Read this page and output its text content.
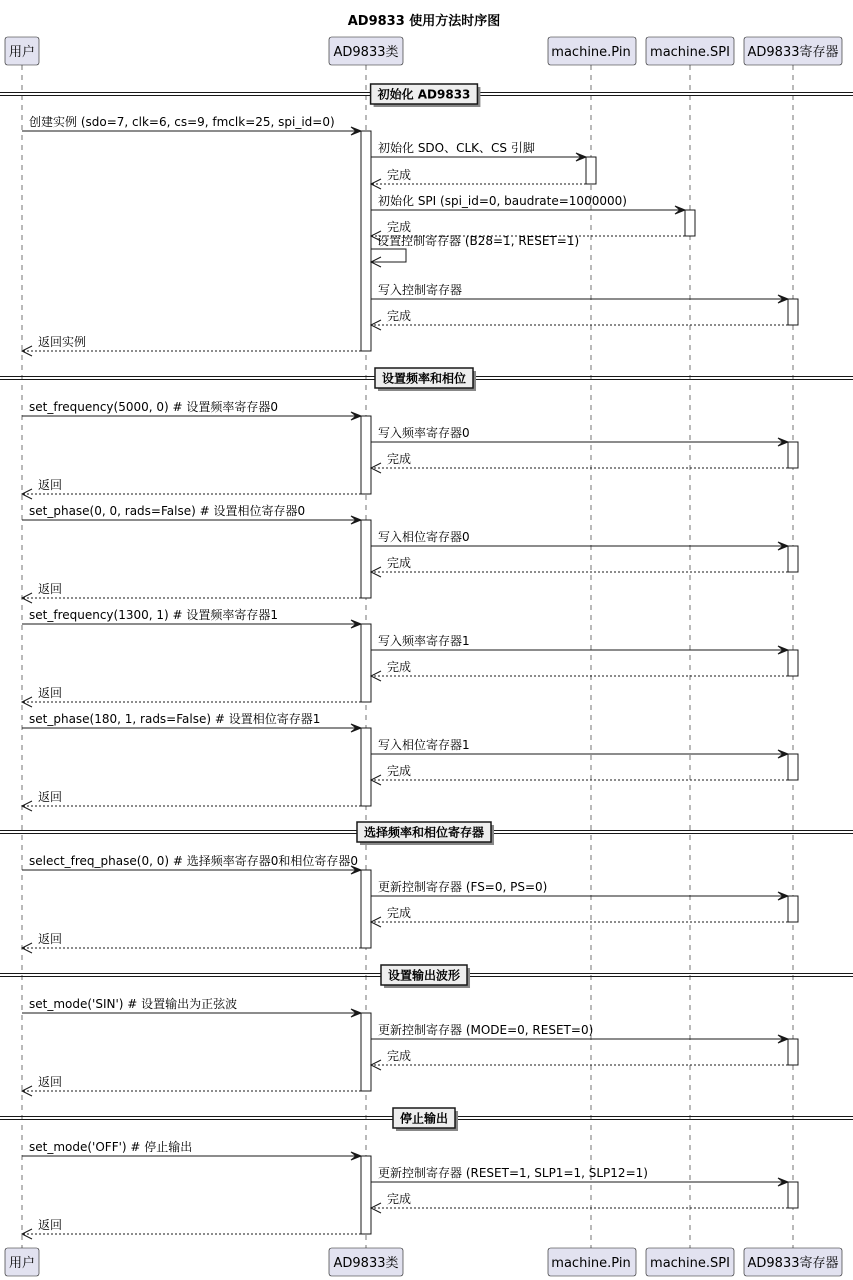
AD9833 使用方法时序图
初始化 AD9833
设置频率和相位
选择频率和相位寄存器
设置输出波形
停止输出
创建实例 (sdo=7, clk=6, cs=9, fmclk=25, spi_id=0)
初始化 SDO、CLK、CS 引脚
完成
初始化 SPI (spi_id=0, baudrate=1000000)
完成
设置控制寄存器 (B28=1, RESET=1)
写入控制寄存器
完成
返回实例
set_frequency(5000, 0) # 设置频率寄存器0
写入频率寄存器0
完成
返回
set_phase(0, 0, rads=False) # 设置相位寄存器0
写入相位寄存器0
完成
返回
set_frequency(1300, 1) # 设置频率寄存器1
写入频率寄存器1
完成
返回
set_phase(180, 1, rads=False) # 设置相位寄存器1
写入相位寄存器1
完成
返回
select_freq_phase(0, 0) # 选择频率寄存器0和相位寄存器0
更新控制寄存器 (FS=0, PS=0)
完成
返回
set_mode('SIN') # 设置输出为正弦波
更新控制寄存器 (MODE=0, RESET=0)
完成
返回
set_mode('OFF') # 停止输出
更新控制寄存器 (RESET=1, SLP1=1, SLP12=1)
完成
返回
用户
用户
AD9833类
AD9833类
machine.Pin
machine.Pin
machine.SPI
machine.SPI
AD9833寄存器
AD9833寄存器
